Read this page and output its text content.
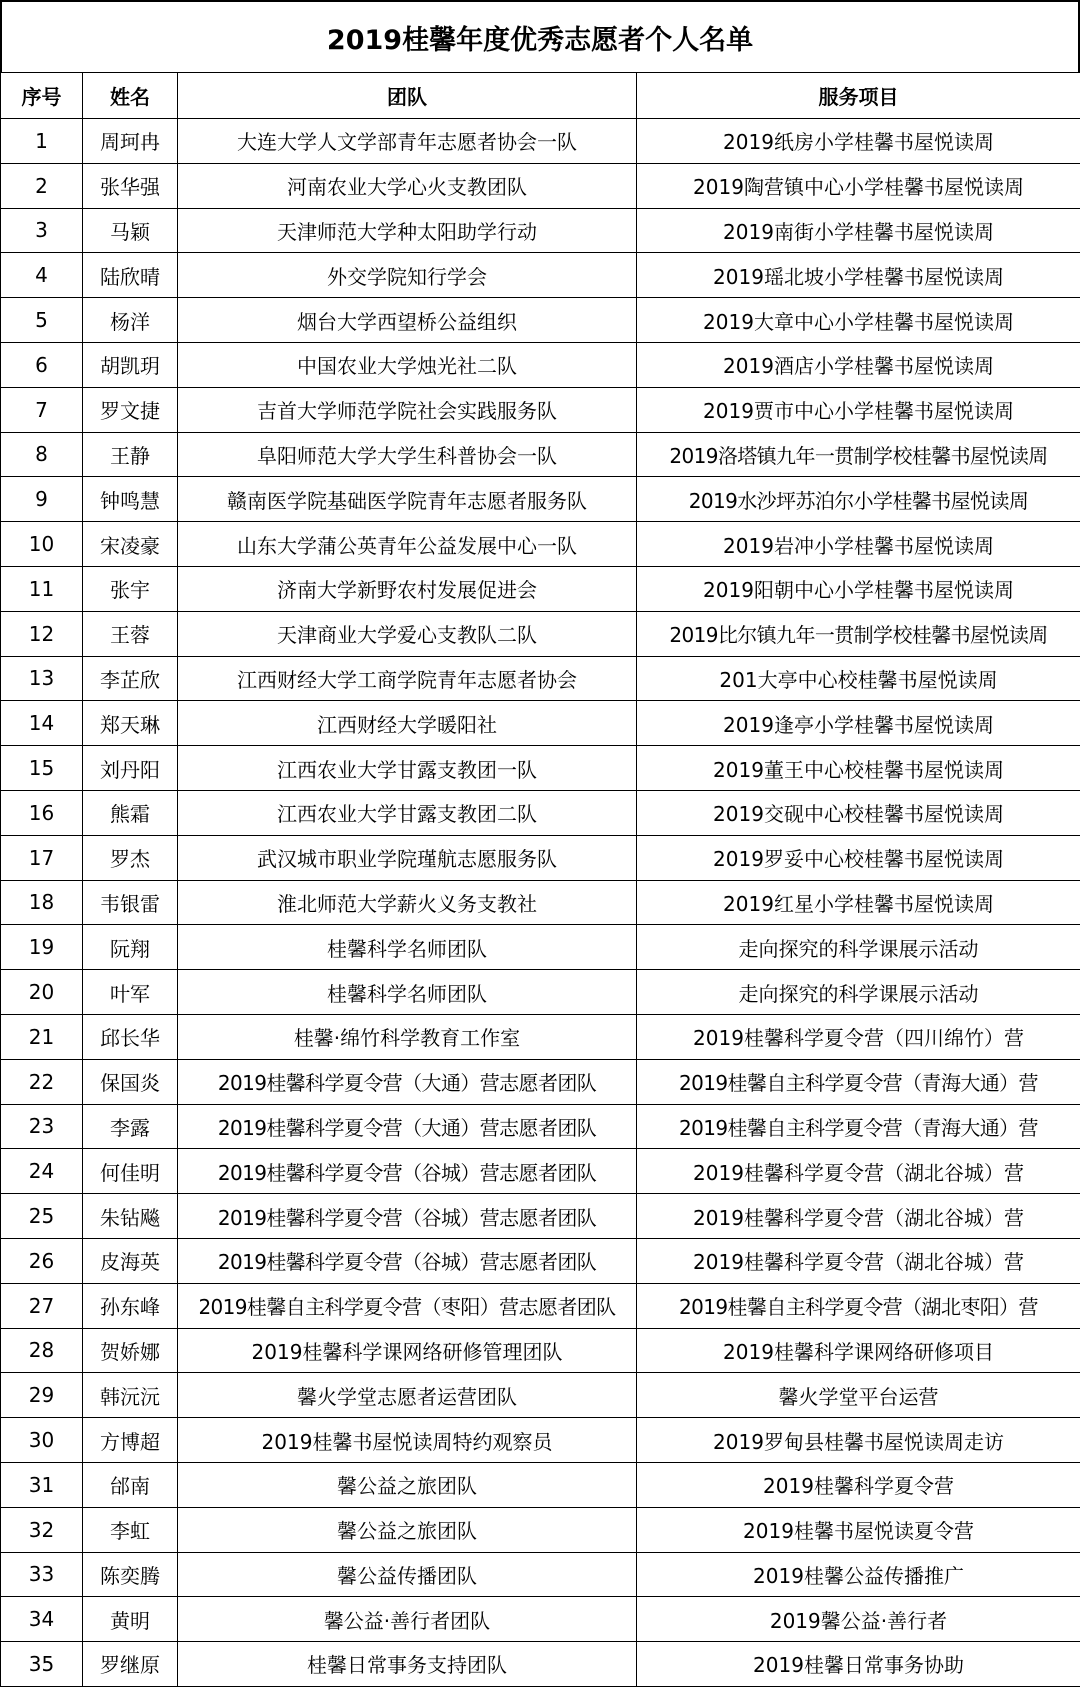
2019桂馨年度优秀志愿者个人名单
序号	姓名	团队	服务项目
1	周珂冉	大连大学人文学部青年志愿者协会一队	2019纸房小学桂馨书屋悦读周
2	张华强	河南农业大学心火支教团队	2019陶营镇中心小学桂馨书屋悦读周
3	马颖	天津师范大学种太阳助学行动	2019南街小学桂馨书屋悦读周
4	陆欣晴	外交学院知行学会	2019瑶北坡小学桂馨书屋悦读周
5	杨洋	烟台大学西望桥公益组织	2019大章中心小学桂馨书屋悦读周
6	胡凯玥	中国农业大学烛光社二队	2019酒店小学桂馨书屋悦读周
7	罗文捷	吉首大学师范学院社会实践服务队	2019贾市中心小学桂馨书屋悦读周
8	王静	阜阳师范大学大学生科普协会一队	2019洛塔镇九年一贯制学校桂馨书屋悦读周
9	钟鸣慧	赣南医学院基础医学院青年志愿者服务队	2019水沙坪苏泊尔小学桂馨书屋悦读周
10	宋凌豪	山东大学蒲公英青年公益发展中心一队	2019岩冲小学桂馨书屋悦读周
11	张宇	济南大学新野农村发展促进会	2019阳朝中心小学桂馨书屋悦读周
12	王蓉	天津商业大学爱心支教队二队	2019比尔镇九年一贯制学校桂馨书屋悦读周
13	李芷欣	江西财经大学工商学院青年志愿者协会	201大亭中心校桂馨书屋悦读周
14	郑天琳	江西财经大学暖阳社	2019逢亭小学桂馨书屋悦读周
15	刘丹阳	江西农业大学甘露支教团一队	2019董王中心校桂馨书屋悦读周
16	熊霜	江西农业大学甘露支教团二队	2019交砚中心校桂馨书屋悦读周
17	罗杰	武汉城市职业学院瑾航志愿服务队	2019罗妥中心校桂馨书屋悦读周
18	韦银雷	淮北师范大学薪火义务支教社	2019红星小学桂馨书屋悦读周
19	阮翔	桂馨科学名师团队	走向探究的科学课展示活动
20	叶军	桂馨科学名师团队	走向探究的科学课展示活动
21	邱长华	桂馨·绵竹科学教育工作室	2019桂馨科学夏令营（四川绵竹）营
22	保国炎	2019桂馨科学夏令营（大通）营志愿者团队	2019桂馨自主科学夏令营（青海大通）营
23	李露	2019桂馨科学夏令营（大通）营志愿者团队	2019桂馨自主科学夏令营（青海大通）营
24	何佳明	2019桂馨科学夏令营（谷城）营志愿者团队	2019桂馨科学夏令营（湖北谷城）营
25	朱钻飚	2019桂馨科学夏令营（谷城）营志愿者团队	2019桂馨科学夏令营（湖北谷城）营
26	皮海英	2019桂馨科学夏令营（谷城）营志愿者团队	2019桂馨科学夏令营（湖北谷城）营
27	孙东峰	2019桂馨自主科学夏令营（枣阳）营志愿者团队	2019桂馨自主科学夏令营（湖北枣阳）营
28	贺娇娜	2019桂馨科学课网络研修管理团队	2019桂馨科学课网络研修项目
29	韩沅沅	馨火学堂志愿者运营团队	馨火学堂平台运营
30	方博超	2019桂馨书屋悦读周特约观察员	2019罗甸县桂馨书屋悦读周走访
31	邰南	馨公益之旅团队	2019桂馨科学夏令营
32	李虹	馨公益之旅团队	2019桂馨书屋悦读夏令营
33	陈奕腾	馨公益传播团队	2019桂馨公益传播推广
34	黄明	馨公益·善行者团队	2019馨公益·善行者
35	罗继原	桂馨日常事务支持团队	2019桂馨日常事务协助
